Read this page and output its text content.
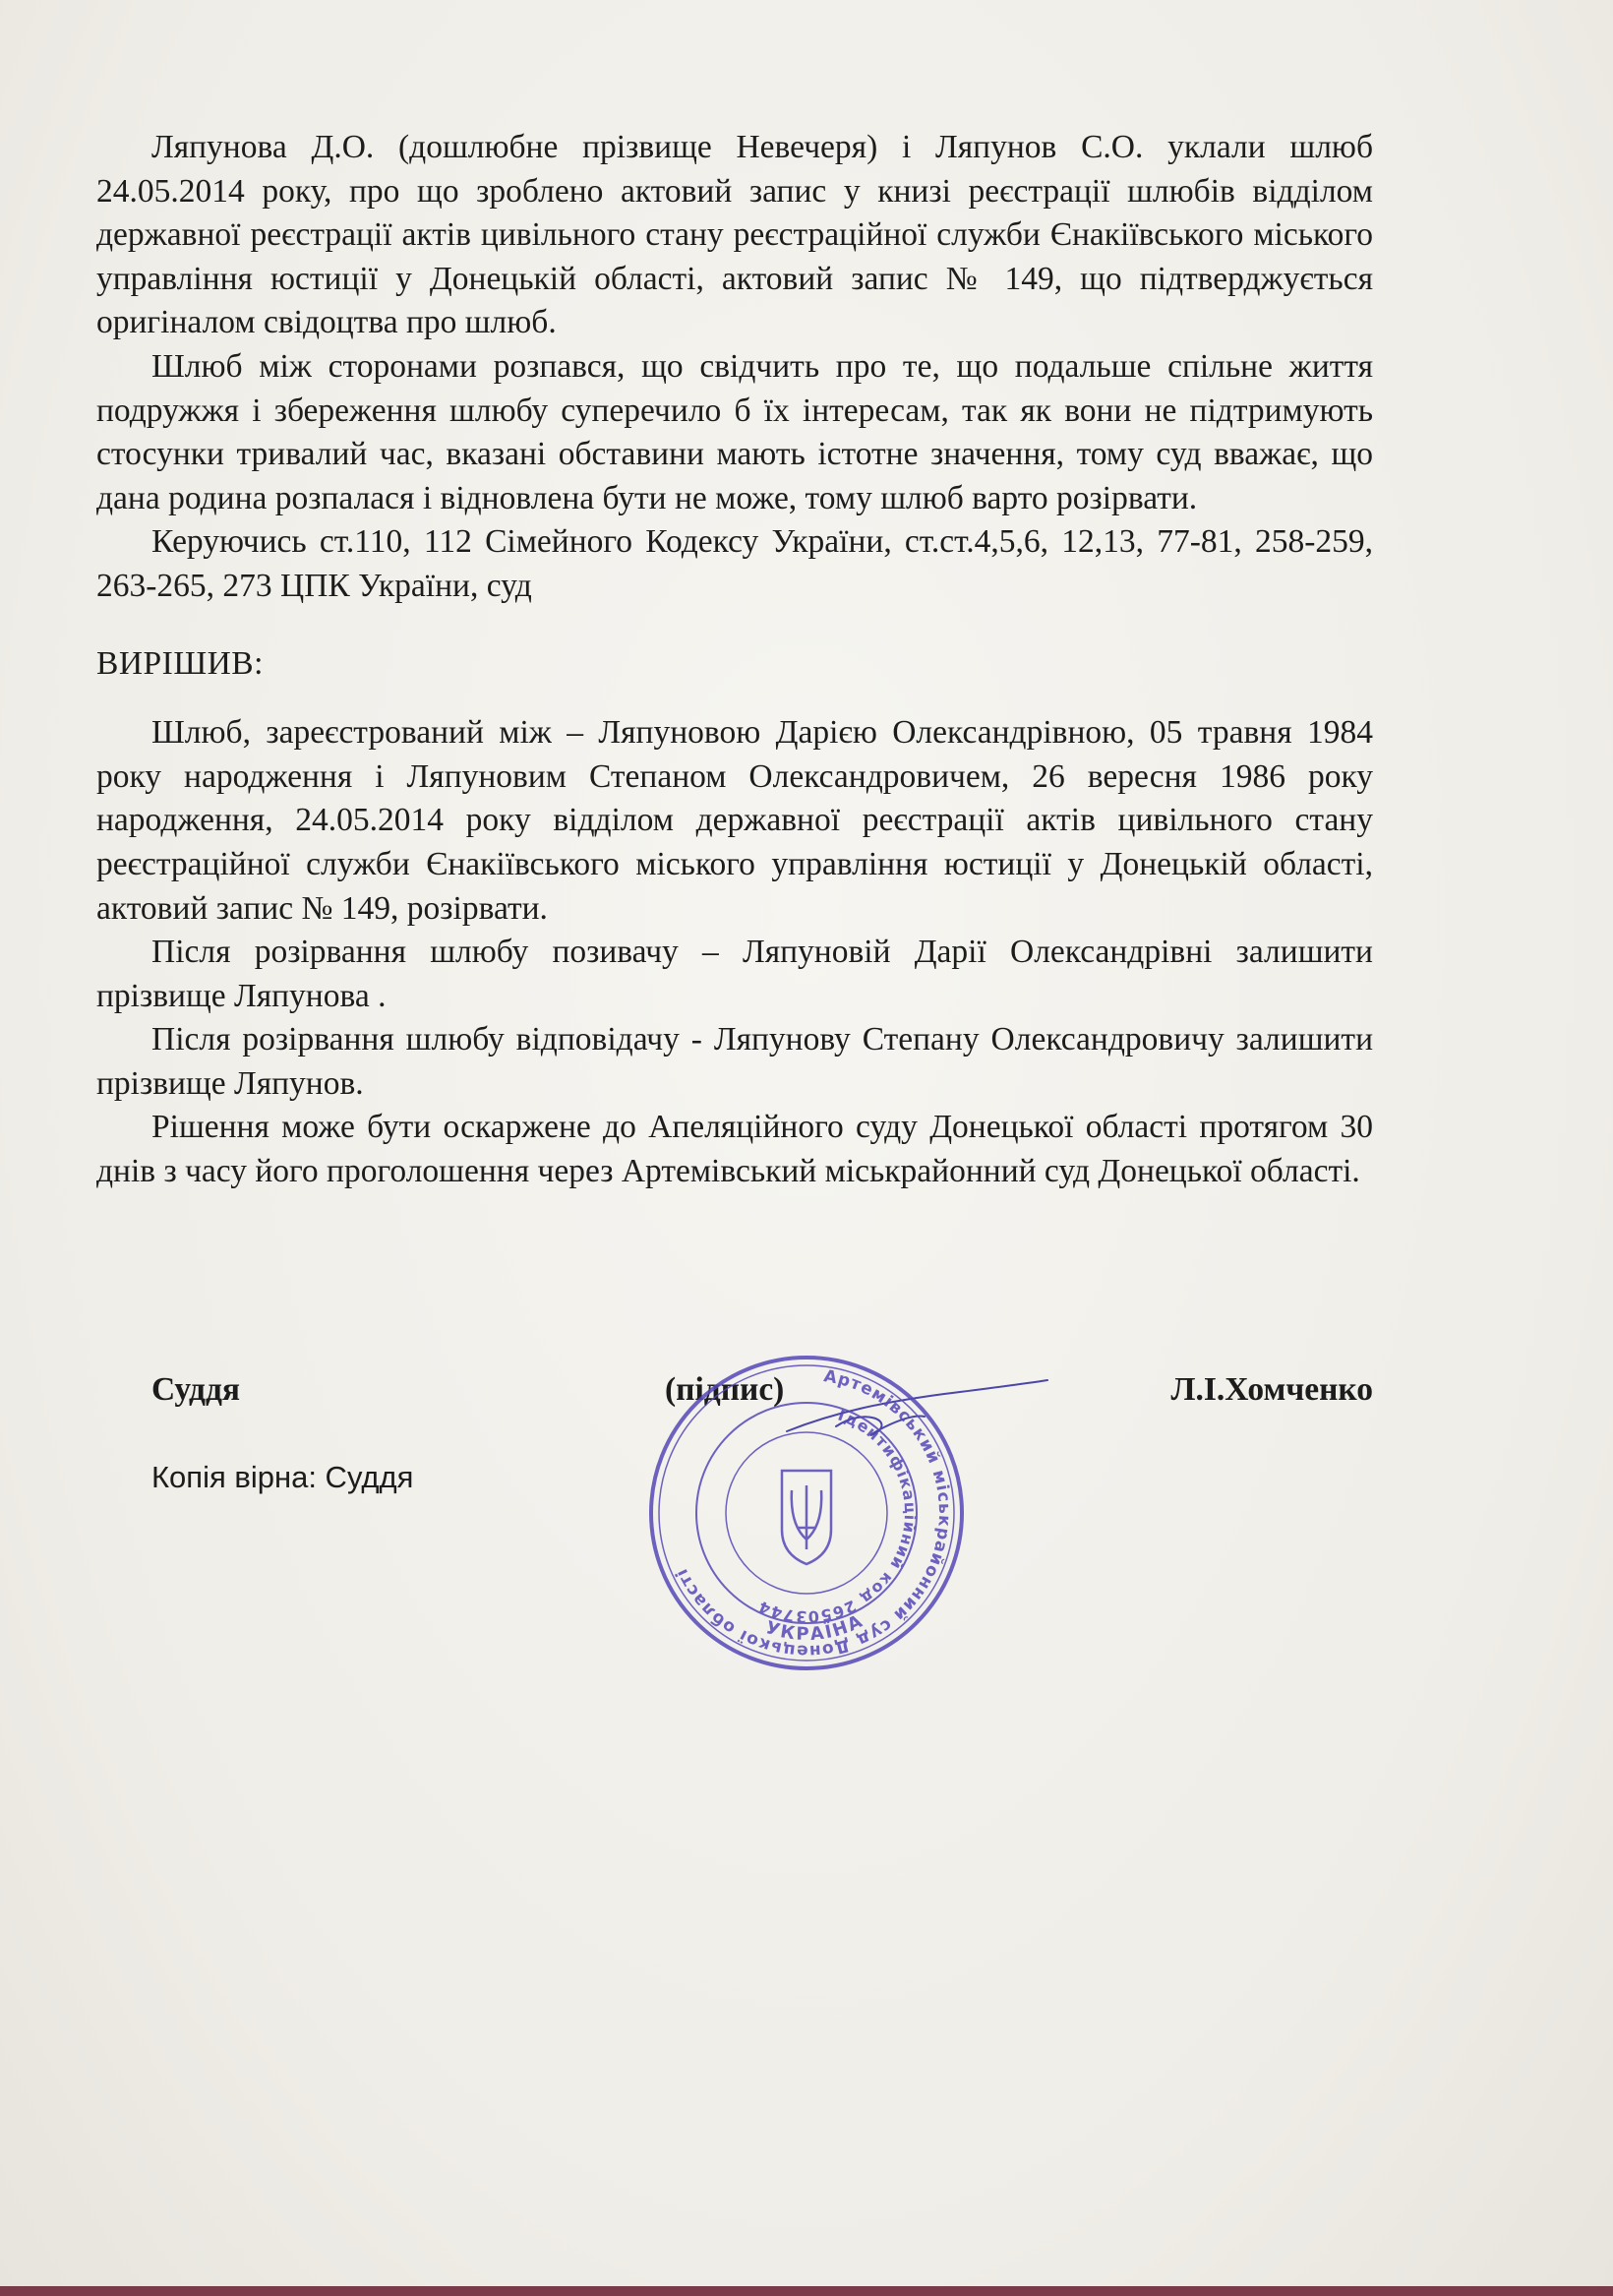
Ляпунова Д.О. (дошлюбне прізвище Невечеря) і Ляпунов С.О. уклали шлюб 24.05.2014 року, про що зроблено актовий запис у книзі реєстрації шлюбів відділом державної реєстрації актів цивільного стану реєстраційної служби Єнакіївського міського управління юстиції у Донецькій області, актовий запис № 149, що підтверджується оригіналом свідоцтва про шлюб.

Шлюб між сторонами розпався, що свідчить про те, що подальше спільне життя подружжя і збереження шлюбу суперечило б їх інтересам, так як вони не підтримують стосунки тривалий час, вказані обставини мають істотне значення, тому суд вважає, що дана родина розпалася і відновлена бути не може, тому шлюб варто розірвати.

Керуючись ст.110, 112 Сімейного Кодексу України, ст.ст.4,5,6, 12,13, 77-81, 258-259, 263-265, 273 ЦПК України, суд

ВИРІШИВ:

Шлюб, зареєстрований між – Ляпуновою Дарією Олександрівною, 05 травня 1984 року народження і Ляпуновим Степаном Олександровичем, 26 вересня 1986 року народження, 24.05.2014 року відділом державної реєстрації актів цивільного стану реєстраційної служби Єнакіївського міського управління юстиції у Донецькій області, актовий запис № 149, розірвати.

Після розірвання шлюбу позивачу – Ляпуновій Дарії Олександрівні залишити прізвище Ляпунова .

Після розірвання шлюбу відповідачу - Ляпунову Степану Олександровичу залишити прізвище Ляпунов.

Рішення може бути оскаржене до Апеляційного суду Донецької області протягом 30 днів з часу його проголошення через Артемівський міськрайонний суд Донецької області.

Суддя	(підпис)	Л.І.Хомченко
Копія вірна: Суддя
Артемівський міськрайонний суд Донецької області
Ідентифікаційний код 26503744
УКРАЇНА
